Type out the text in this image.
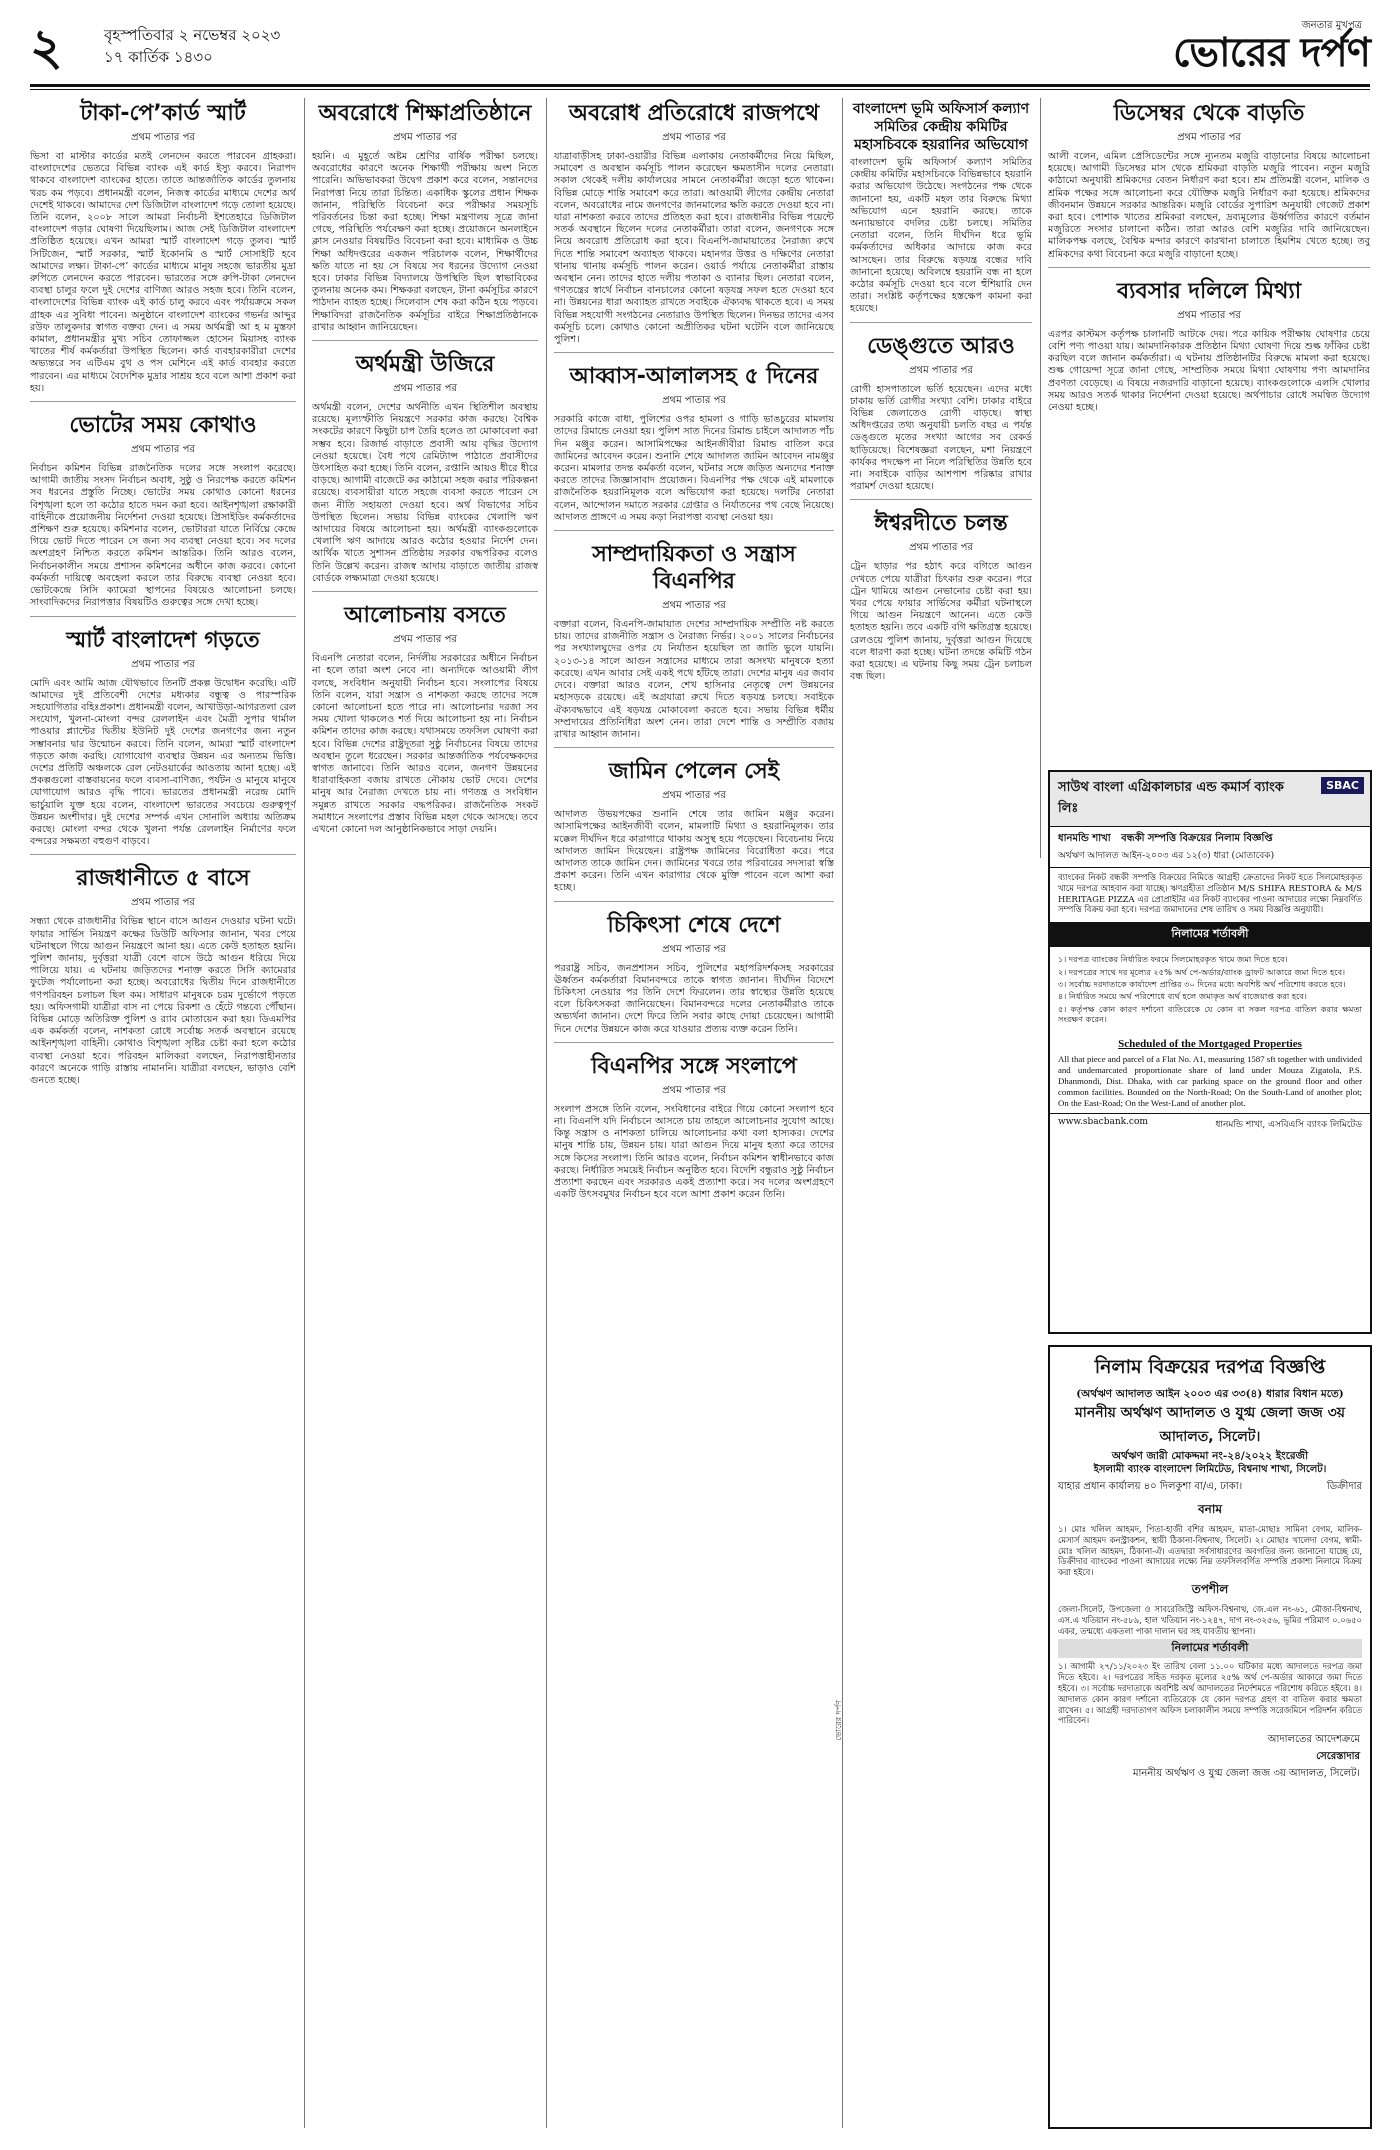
২	বৃহস্পতিবার ২ নভেম্বর ২০২৩
১৭ কার্তিক ১৪৩০
জনতার মুখপত্র
ভোরের দর্পণ
টাকা-পে’কার্ড স্মার্ট
প্রথম পাতার পর
ভিসা বা মাস্টার কার্ডের মতই লেনদেন করতে পারবেন গ্রাহকরা। বাংলাদেশের ভেতরে বিভিন্ন ব্যাংক এই কার্ড ইস্যু করবে। নিরাপদ থাকবে বাংলাদেশ ব্যাংকের হাতে। তাতে আন্তর্জাতিক কার্ডের তুলনায় খরচ কম পড়বে। প্রধানমন্ত্রী বলেন, নিজস্ব কার্ডের মাধ্যমে দেশের অর্থ দেশেই থাকবে। আমাদের দেশ ডিজিটাল বাংলাদেশ গড়ে তোলা হয়েছে। তিনি বলেন, ২০০৮ সালে আমরা নির্বাচনী ইশতেহারে ডিজিটাল বাংলাদেশ গড়ার ঘোষণা দিয়েছিলাম। আজ সেই ডিজিটাল বাংলাদেশ প্রতিষ্ঠিত হয়েছে। এখন আমরা স্মার্ট বাংলাদেশ গড়ে তুলব। স্মার্ট সিটিজেন, স্মার্ট সরকার, স্মার্ট ইকোনমি ও স্মার্ট সোসাইটি হবে আমাদের লক্ষ্য। টাকা-পে’ কার্ডের মাধ্যমে মানুষ সহজে ভারতীয় মুদ্রা রুপিতে লেনদেন করতে পারবেন। ভারতের সঙ্গে রুপি-টাকা লেনদেন ব্যবস্থা চালুর ফলে দুই দেশের বাণিজ্য আরও সহজ হবে। তিনি বলেন, বাংলাদেশের বিভিন্ন ব্যাংক এই কার্ড চালু করবে এবং পর্যায়ক্রমে সকল গ্রাহক এর সুবিধা পাবেন। অনুষ্ঠানে বাংলাদেশ ব্যাংকের গভর্নর আব্দুর রউফ তালুকদার স্বাগত বক্তব্য দেন। এ সময় অর্থমন্ত্রী আ হ ম মুস্তফা কামাল, প্রধানমন্ত্রীর মুখ্য সচিব তোফাজ্জল হোসেন মিয়াসহ ব্যাংক খাতের শীর্ষ কর্মকর্তারা উপস্থিত ছিলেন। কার্ড ব্যবহারকারীরা দেশের অভ্যন্তরে সব এটিএম বুথ ও পস মেশিনে এই কার্ড ব্যবহার করতে পারবেন। এর মাধ্যমে বৈদেশিক মুদ্রার সাশ্রয় হবে বলে আশা প্রকাশ করা হয়।
ভোটের সময় কোথাও
প্রথম পাতার পর
নির্বাচন কমিশন বিভিন্ন রাজনৈতিক দলের সঙ্গে সংলাপ করেছে। আগামী জাতীয় সংসদ নির্বাচন অবাধ, সুষ্ঠু ও নিরপেক্ষ করতে কমিশন সব ধরনের প্রস্তুতি নিচ্ছে। ভোটের সময় কোথাও কোনো ধরনের বিশৃঙ্খলা হলে তা কঠোর হাতে দমন করা হবে। আইনশৃঙ্খলা রক্ষাকারী বাহিনীকে প্রয়োজনীয় নির্দেশনা দেওয়া হয়েছে। প্রিসাইডিং কর্মকর্তাদের প্রশিক্ষণ শুরু হয়েছে। কমিশনার বলেন, ভোটাররা যাতে নির্বিঘ্নে কেন্দ্রে গিয়ে ভোট দিতে পারেন সে জন্য সব ব্যবস্থা নেওয়া হবে। সব দলের অংশগ্রহণ নিশ্চিত করতে কমিশন আন্তরিক। তিনি আরও বলেন, নির্বাচনকালীন সময়ে প্রশাসন কমিশনের অধীনে কাজ করবে। কোনো কর্মকর্তা দায়িত্বে অবহেলা করলে তার বিরুদ্ধে ব্যবস্থা নেওয়া হবে। ভোটকেন্দ্রে সিসি ক্যামেরা স্থাপনের বিষয়েও আলোচনা চলছে। সাংবাদিকদের নিরাপত্তার বিষয়টিও গুরুত্বের সঙ্গে দেখা হচ্ছে।
স্মার্ট বাংলাদেশ গড়তে
প্রথম পাতার পর
মোদি এবং আমি আজ যৌথভাবে তিনটি প্রকল্প উদ্বোধন করেছি। এটি আমাদের দুই প্রতিবেশী দেশের মধ্যকার বন্ধুত্ব ও পারস্পরিক সহযোগিতার বহিঃপ্রকাশ। প্রধানমন্ত্রী বলেন, আখাউড়া-আগরতলা রেল সংযোগ, খুলনা-মোংলা বন্দর রেললাইন এবং মৈত্রী সুপার থার্মাল পাওয়ার প্ল্যান্টের দ্বিতীয় ইউনিট দুই দেশের জনগণের জন্য নতুন সম্ভাবনার দ্বার উন্মোচন করবে। তিনি বলেন, আমরা স্মার্ট বাংলাদেশ গড়তে কাজ করছি। যোগাযোগ ব্যবস্থার উন্নয়ন এর অন্যতম ভিত্তি। দেশের প্রতিটি অঞ্চলকে রেল নেটওয়ার্কের আওতায় আনা হচ্ছে। এই প্রকল্পগুলো বাস্তবায়নের ফলে ব্যবসা-বাণিজ্য, পর্যটন ও মানুষে মানুষে যোগাযোগ আরও বৃদ্ধি পাবে। ভারতের প্রধানমন্ত্রী নরেন্দ্র মোদি ভার্চুয়ালি যুক্ত হয়ে বলেন, বাংলাদেশ ভারতের সবচেয়ে গুরুত্বপূর্ণ উন্নয়ন অংশীদার। দুই দেশের সম্পর্ক এখন সোনালি অধ্যায় অতিক্রম করছে। মোংলা বন্দর থেকে খুলনা পর্যন্ত রেললাইন নির্মাণের ফলে বন্দরের সক্ষমতা বহুগুণ বাড়বে।
রাজধানীতে ৫ বাসে
প্রথম পাতার পর
সন্ধ্যা থেকে রাজধানীর বিভিন্ন স্থানে বাসে আগুন দেওয়ার ঘটনা ঘটে। ফায়ার সার্ভিস নিয়ন্ত্রণ কক্ষের ডিউটি অফিসার জানান, খবর পেয়ে ঘটনাস্থলে গিয়ে আগুন নিয়ন্ত্রণে আনা হয়। এতে কেউ হতাহত হয়নি। পুলিশ জানায়, দুর্বৃত্তরা যাত্রী বেশে বাসে উঠে আগুন ধরিয়ে দিয়ে পালিয়ে যায়। এ ঘটনায় জড়িতদের শনাক্ত করতে সিসি ক্যামেরার ফুটেজ পর্যালোচনা করা হচ্ছে। অবরোধের দ্বিতীয় দিনে রাজধানীতে গণপরিবহন চলাচল ছিল কম। সাধারণ মানুষকে চরম দুর্ভোগে পড়তে হয়। অফিসগামী যাত্রীরা বাস না পেয়ে রিকশা ও হেঁটে গন্তব্যে পৌঁছান। বিভিন্ন মোড়ে অতিরিক্ত পুলিশ ও র‌্যাব মোতায়েন করা হয়। ডিএমপির এক কর্মকর্তা বলেন, নাশকতা রোধে সর্বোচ্চ সতর্ক অবস্থানে রয়েছে আইনশৃঙ্খলা বাহিনী। কোথাও বিশৃঙ্খলা সৃষ্টির চেষ্টা করা হলে কঠোর ব্যবস্থা নেওয়া হবে। পরিবহন মালিকরা বলছেন, নিরাপত্তাহীনতার কারণে অনেকে গাড়ি রাস্তায় নামাননি। যাত্রীরা বলছেন, ভাড়াও বেশি গুনতে হচ্ছে।
অবরোধে শিক্ষাপ্রতিষ্ঠানে
প্রথম পাতার পর
হয়নি। এ মুহূর্তে অষ্টম শ্রেণির বার্ষিক পরীক্ষা চলছে। অবরোধের কারণে অনেক শিক্ষার্থী পরীক্ষায় অংশ নিতে পারেনি। অভিভাবকরা উদ্বেগ প্রকাশ করে বলেন, সন্তানদের নিরাপত্তা নিয়ে তারা চিন্তিত। একাধিক স্কুলের প্রধান শিক্ষক জানান, পরিস্থিতি বিবেচনা করে পরীক্ষার সময়সূচি পরিবর্তনের চিন্তা করা হচ্ছে। শিক্ষা মন্ত্রণালয় সূত্রে জানা গেছে, পরিস্থিতি পর্যবেক্ষণ করা হচ্ছে। প্রয়োজনে অনলাইনে ক্লাস নেওয়ার বিষয়টিও বিবেচনা করা হবে। মাধ্যমিক ও উচ্চ শিক্ষা অধিদপ্তরের একজন পরিচালক বলেন, শিক্ষার্থীদের ক্ষতি যাতে না হয় সে বিষয়ে সব ধরনের উদ্যোগ নেওয়া হবে। ঢাকার বিভিন্ন বিদ্যালয়ে উপস্থিতি ছিল স্বাভাবিকের তুলনায় অনেক কম। শিক্ষকরা বলছেন, টানা কর্মসূচির কারণে পাঠদান ব্যাহত হচ্ছে। সিলেবাস শেষ করা কঠিন হয়ে পড়বে। শিক্ষাবিদরা রাজনৈতিক কর্মসূচির বাইরে শিক্ষাপ্রতিষ্ঠানকে রাখার আহ্বান জানিয়েছেন।
অর্থমন্ত্রী উজিরে
প্রথম পাতার পর
অর্থমন্ত্রী বলেন, দেশের অর্থনীতি এখন স্থিতিশীল অবস্থায় রয়েছে। মূল্যস্ফীতি নিয়ন্ত্রণে সরকার কাজ করছে। বৈশ্বিক সংকটের কারণে কিছুটা চাপ তৈরি হলেও তা মোকাবেলা করা সম্ভব হবে। রিজার্ভ বাড়াতে প্রবাসী আয় বৃদ্ধির উদ্যোগ নেওয়া হয়েছে। বৈধ পথে রেমিট্যান্স পাঠাতে প্রবাসীদের উৎসাহিত করা হচ্ছে। তিনি বলেন, রপ্তানি আয়ও ধীরে ধীরে বাড়ছে। আগামী বাজেটে কর কাঠামো সহজ করার পরিকল্পনা রয়েছে। ব্যবসায়ীরা যাতে সহজে ব্যবসা করতে পারেন সে জন্য নীতি সহায়তা দেওয়া হবে। অর্থ বিভাগের সচিব উপস্থিত ছিলেন। সভায় বিভিন্ন ব্যাংকের খেলাপি ঋণ আদায়ের বিষয়ে আলোচনা হয়। অর্থমন্ত্রী ব্যাংকগুলোকে খেলাপি ঋণ আদায়ে আরও কঠোর হওয়ার নির্দেশ দেন। আর্থিক খাতে সুশাসন প্রতিষ্ঠায় সরকার বদ্ধপরিকর বলেও তিনি উল্লেখ করেন। রাজস্ব আদায় বাড়াতে জাতীয় রাজস্ব বোর্ডকে লক্ষ্যমাত্রা দেওয়া হয়েছে।
আলোচনায় বসতে
প্রথম পাতার পর
বিএনপি নেতারা বলেন, নির্দলীয় সরকারের অধীনে নির্বাচন না হলে তারা অংশ নেবে না। অন্যদিকে আওয়ামী লীগ বলছে, সংবিধান অনুযায়ী নির্বাচন হবে। সংলাপের বিষয়ে তিনি বলেন, যারা সন্ত্রাস ও নাশকতা করছে তাদের সঙ্গে কোনো আলোচনা হতে পারে না। আলোচনার দরজা সব সময় খোলা থাকলেও শর্ত দিয়ে আলোচনা হয় না। নির্বাচন কমিশন তাদের কাজ করছে। যথাসময়ে তফসিল ঘোষণা করা হবে। বিভিন্ন দেশের রাষ্ট্রদূতরা সুষ্ঠু নির্বাচনের বিষয়ে তাদের অবস্থান তুলে ধরেছেন। সরকার আন্তর্জাতিক পর্যবেক্ষকদের স্বাগত জানাবে। তিনি আরও বলেন, জনগণ উন্নয়নের ধারাবাহিকতা বজায় রাখতে নৌকায় ভোট দেবে। দেশের মানুষ আর নৈরাজ্য দেখতে চায় না। গণতন্ত্র ও সংবিধান সমুন্নত রাখতে সরকার বদ্ধপরিকর। রাজনৈতিক সংকট সমাধানে সংলাপের প্রস্তাব বিভিন্ন মহল থেকে আসছে। তবে এখনো কোনো দল আনুষ্ঠানিকভাবে সাড়া দেয়নি।
অবরোধ প্রতিরোধে রাজপথে
প্রথম পাতার পর
যাত্রাবাড়ীসহ ঢাকা-ওয়ারীর বিভিন্ন এলাকায় নেতাকর্মীদের নিয়ে মিছিল, সমাবেশ ও অবস্থান কর্মসূচি পালন করেছেন ক্ষমতাসীন দলের নেতারা। সকাল থেকেই দলীয় কার্যালয়ের সামনে নেতাকর্মীরা জড়ো হতে থাকেন। বিভিন্ন মোড়ে শান্তি সমাবেশ করে তারা। আওয়ামী লীগের কেন্দ্রীয় নেতারা বলেন, অবরোধের নামে জনগণের জানমালের ক্ষতি করতে দেওয়া হবে না। যারা নাশকতা করবে তাদের প্রতিহত করা হবে। রাজধানীর বিভিন্ন পয়েন্টে সতর্ক অবস্থানে ছিলেন দলের নেতাকর্মীরা। তারা বলেন, জনগণকে সঙ্গে নিয়ে অবরোধ প্রতিরোধ করা হবে। বিএনপি-জামায়াতের নৈরাজ্য রুখে দিতে শান্তি সমাবেশ অব্যাহত থাকবে। মহানগর উত্তর ও দক্ষিণের নেতারা থানায় থানায় কর্মসূচি পালন করেন। ওয়ার্ড পর্যায়ে নেতাকর্মীরা রাস্তায় অবস্থান নেন। তাদের হাতে দলীয় পতাকা ও ব্যানার ছিল। নেতারা বলেন, গণতন্ত্রের স্বার্থে নির্বাচন বানচালের কোনো ষড়যন্ত্র সফল হতে দেওয়া হবে না। উন্নয়নের ধারা অব্যাহত রাখতে সবাইকে ঐক্যবদ্ধ থাকতে হবে। এ সময় বিভিন্ন সহযোগী সংগঠনের নেতারাও উপস্থিত ছিলেন। দিনভর তাদের এসব কর্মসূচি চলে। কোথাও কোনো অপ্রীতিকর ঘটনা ঘটেনি বলে জানিয়েছে পুলিশ।
আব্বাস-আলালসহ ৫ দিনের
প্রথম পাতার পর
সরকারি কাজে বাধা, পুলিশের ওপর হামলা ও গাড়ি ভাঙচুরের মামলায় তাদের রিমান্ডে নেওয়া হয়। পুলিশ সাত দিনের রিমান্ড চাইলে আদালত পাঁচ দিন মঞ্জুর করেন। আসামিপক্ষের আইনজীবীরা রিমান্ড বাতিল করে জামিনের আবেদন করেন। শুনানি শেষে আদালত জামিন আবেদন নামঞ্জুর করেন। মামলার তদন্ত কর্মকর্তা বলেন, ঘটনার সঙ্গে জড়িত অন্যদের শনাক্ত করতে তাদের জিজ্ঞাসাবাদ প্রয়োজন। বিএনপির পক্ষ থেকে এই মামলাকে রাজনৈতিক হয়রানিমূলক বলে অভিযোগ করা হয়েছে। দলটির নেতারা বলেন, আন্দোলন দমাতে সরকার গ্রেপ্তার ও নির্যাতনের পথ বেছে নিয়েছে। আদালত প্রাঙ্গণে এ সময় কড়া নিরাপত্তা ব্যবস্থা নেওয়া হয়।
সাম্প্রদায়িকতা ও সন্ত্রাস বিএনপির
প্রথম পাতার পর
বক্তারা বলেন, বিএনপি-জামায়াত দেশের সাম্প্রদায়িক সম্প্রীতি নষ্ট করতে চায়। তাদের রাজনীতি সন্ত্রাস ও নৈরাজ্য নির্ভর। ২০০১ সালের নির্বাচনের পর সংখ্যালঘুদের ওপর যে নির্যাতন হয়েছিল তা জাতি ভুলে যায়নি। ২০১৩-১৪ সালে আগুন সন্ত্রাসের মাধ্যমে তারা অসংখ্য মানুষকে হত্যা করেছে। এখন আবার সেই একই পথে হাঁটছে তারা। দেশের মানুষ এর জবাব দেবে। বক্তারা আরও বলেন, শেখ হাসিনার নেতৃত্বে দেশ উন্নয়নের মহাসড়কে রয়েছে। এই অগ্রযাত্রা রুখে দিতে ষড়যন্ত্র চলছে। সবাইকে ঐক্যবদ্ধভাবে এই ষড়যন্ত্র মোকাবেলা করতে হবে। সভায় বিভিন্ন ধর্মীয় সম্প্রদায়ের প্রতিনিধিরা অংশ নেন। তারা দেশে শান্তি ও সম্প্রীতি বজায় রাখার আহ্বান জানান।
জামিন পেলেন সেই
প্রথম পাতার পর
আদালত উভয়পক্ষের শুনানি শেষে তার জামিন মঞ্জুর করেন। আসামিপক্ষের আইনজীবী বলেন, মামলাটি মিথ্যা ও হয়রানিমূলক। তার মক্কেল দীর্ঘদিন ধরে কারাগারে থাকায় অসুস্থ হয়ে পড়েছেন। বিবেচনায় নিয়ে আদালত জামিন দিয়েছেন। রাষ্ট্রপক্ষ জামিনের বিরোধিতা করে। পরে আদালত তাকে জামিন দেন। জামিনের খবরে তার পরিবারের সদস্যরা স্বস্তি প্রকাশ করেন। তিনি এখন কারাগার থেকে মুক্তি পাবেন বলে আশা করা হচ্ছে।
চিকিৎসা শেষে দেশে
প্রথম পাতার পর
পররাষ্ট্র সচিব, জনপ্রশাসন সচিব, পুলিশের মহাপরিদর্শকসহ সরকারের ঊর্ধ্বতন কর্মকর্তারা বিমানবন্দরে তাকে স্বাগত জানান। দীর্ঘদিন বিদেশে চিকিৎসা নেওয়ার পর তিনি দেশে ফিরলেন। তার স্বাস্থ্যের উন্নতি হয়েছে বলে চিকিৎসকরা জানিয়েছেন। বিমানবন্দরে দলের নেতাকর্মীরাও তাকে অভ্যর্থনা জানান। দেশে ফিরে তিনি সবার কাছে দোয়া চেয়েছেন। আগামী দিনে দেশের উন্নয়নে কাজ করে যাওয়ার প্রত্যয় ব্যক্ত করেন তিনি।
বিএনপির সঙ্গে সংলাপে
প্রথম পাতার পর
সংলাপ প্রসঙ্গে তিনি বলেন, সংবিধানের বাইরে গিয়ে কোনো সংলাপ হবে না। বিএনপি যদি নির্বাচনে আসতে চায় তাহলে আলোচনার সুযোগ আছে। কিন্তু সন্ত্রাস ও নাশকতা চালিয়ে আলোচনার কথা বলা হাস্যকর। দেশের মানুষ শান্তি চায়, উন্নয়ন চায়। যারা আগুন দিয়ে মানুষ হত্যা করে তাদের সঙ্গে কিসের সংলাপ। তিনি আরও বলেন, নির্বাচন কমিশন স্বাধীনভাবে কাজ করছে। নির্ধারিত সময়েই নির্বাচন অনুষ্ঠিত হবে। বিদেশি বন্ধুরাও সুষ্ঠু নির্বাচন প্রত্যাশা করছেন এবং সরকারও একই প্রত্যাশা করে। সব দলের অংশগ্রহণে একটি উৎসবমুখর নির্বাচন হবে বলে আশা প্রকাশ করেন তিনি।
বাংলাদেশ ভূমি অফিসার্স কল্যাণ সমিতির কেন্দ্রীয় কমিটির মহাসচিবকে হয়রানির অভিযোগ
বাংলাদেশ ভূমি অফিসার্স কল্যাণ সমিতির কেন্দ্রীয় কমিটির মহাসচিবকে বিভিন্নভাবে হয়রানি করার অভিযোগ উঠেছে। সংগঠনের পক্ষ থেকে জানানো হয়, একটি মহল তার বিরুদ্ধে মিথ্যা অভিযোগ এনে হয়রানি করছে। তাকে অন্যায়ভাবে বদলির চেষ্টা চলছে। সমিতির নেতারা বলেন, তিনি দীর্ঘদিন ধরে ভূমি কর্মকর্তাদের অধিকার আদায়ে কাজ করে আসছেন। তার বিরুদ্ধে ষড়যন্ত্র বন্ধের দাবি জানানো হয়েছে। অবিলম্বে হয়রানি বন্ধ না হলে কঠোর কর্মসূচি দেওয়া হবে বলে হুঁশিয়ারি দেন তারা। সংশ্লিষ্ট কর্তৃপক্ষের হস্তক্ষেপ কামনা করা হয়েছে।
ডেঙ্গুতে আরও
প্রথম পাতার পর
রোগী হাসপাতালে ভর্তি হয়েছেন। এদের মধ্যে ঢাকায় ভর্তি রোগীর সংখ্যা বেশি। ঢাকার বাইরে বিভিন্ন জেলাতেও রোগী বাড়ছে। স্বাস্থ্য অধিদপ্তরের তথ্য অনুযায়ী চলতি বছর এ পর্যন্ত ডেঙ্গুতে মৃতের সংখ্যা আগের সব রেকর্ড ছাড়িয়েছে। বিশেষজ্ঞরা বলছেন, মশা নিয়ন্ত্রণে কার্যকর পদক্ষেপ না নিলে পরিস্থিতির উন্নতি হবে না। সবাইকে বাড়ির আশপাশ পরিষ্কার রাখার পরামর্শ দেওয়া হয়েছে।
ঈশ্বরদীতে চলন্ত
প্রথম পাতার পর
ট্রেন ছাড়ার পর হঠাৎ করে বগিতে আগুন দেখতে পেয়ে যাত্রীরা চিৎকার শুরু করেন। পরে ট্রেন থামিয়ে আগুন নেভানোর চেষ্টা করা হয়। খবর পেয়ে ফায়ার সার্ভিসের কর্মীরা ঘটনাস্থলে গিয়ে আগুন নিয়ন্ত্রণে আনেন। এতে কেউ হতাহত হয়নি। তবে একটি বগি ক্ষতিগ্রস্ত হয়েছে। রেলওয়ে পুলিশ জানায়, দুর্বৃত্তরা আগুন দিয়েছে বলে ধারণা করা হচ্ছে। ঘটনা তদন্তে কমিটি গঠন করা হয়েছে। এ ঘটনায় কিছু সময় ট্রেন চলাচল বন্ধ ছিল।
ডিসেম্বর থেকে বাড়তি
প্রথম পাতার পর
আলী বলেন, এমিল প্রেসিডেন্টের সঙ্গে ন্যূনতম মজুরি বাড়ানোর বিষয়ে আলোচনা হয়েছে। আগামী ডিসেম্বর মাস থেকে শ্রমিকরা বাড়তি মজুরি পাবেন। নতুন মজুরি কাঠামো অনুযায়ী শ্রমিকদের বেতন নির্ধারণ করা হবে। শ্রম প্রতিমন্ত্রী বলেন, মালিক ও শ্রমিক পক্ষের সঙ্গে আলোচনা করে যৌক্তিক মজুরি নির্ধারণ করা হয়েছে। শ্রমিকদের জীবনমান উন্নয়নে সরকার আন্তরিক। মজুরি বোর্ডের সুপারিশ অনুযায়ী গেজেট প্রকাশ করা হবে। পোশাক খাতের শ্রমিকরা বলছেন, দ্রব্যমূল্যের ঊর্ধ্বগতির কারণে বর্তমান মজুরিতে সংসার চালানো কঠিন। তারা আরও বেশি মজুরির দাবি জানিয়েছেন। মালিকপক্ষ বলছে, বৈশ্বিক মন্দার কারণে কারখানা চালাতে হিমশিম খেতে হচ্ছে। তবু শ্রমিকদের কথা বিবেচনা করে মজুরি বাড়ানো হচ্ছে।
ব্যবসার দলিলে মিথ্যা
প্রথম পাতার পর
এরপর কাস্টমস কর্তৃপক্ষ চালানটি আটকে দেয়। পরে কায়িক পরীক্ষায় ঘোষণার চেয়ে বেশি পণ্য পাওয়া যায়। আমদানিকারক প্রতিষ্ঠান মিথ্যা ঘোষণা দিয়ে শুল্ক ফাঁকির চেষ্টা করছিল বলে জানান কর্মকর্তারা। এ ঘটনায় প্রতিষ্ঠানটির বিরুদ্ধে মামলা করা হয়েছে। শুল্ক গোয়েন্দা সূত্রে জানা গেছে, সাম্প্রতিক সময়ে মিথ্যা ঘোষণায় পণ্য আমদানির প্রবণতা বেড়েছে। এ বিষয়ে নজরদারি বাড়ানো হয়েছে। ব্যাংকগুলোকে এলসি খোলার সময় আরও সতর্ক থাকার নির্দেশনা দেওয়া হয়েছে। অর্থপাচার রোধে সমন্বিত উদ্যোগ নেওয়া হচ্ছে।
সাউথ বাংলা এগ্রিকালচার এন্ড কমার্স ব্যাংক লিঃ
SBAC
ধানমন্ডি শাখা বন্ধকী সম্পত্তি বিক্রয়ের নিলাম বিজ্ঞপ্তি
অর্থঋণ আদালত আইন-২০০৩ এর ১২(৩) ধারা (মোতাবেক)
ব্যাংকের নিকট বন্ধকী সম্পত্তি বিক্রয়ের নিমিত্তে আগ্রহী ক্রেতাদের নিকট হতে সিলমোহরকৃত খামে দরপত্র আহবান করা যাচ্ছে। ঋণগ্রহীতা প্রতিষ্ঠান M/S SHIFA RESTORA & M/S HERITAGE PIZZA এর প্রোপ্রাইটর এর নিকট ব্যাংকের পাওনা আদায়ের লক্ষ্যে নিম্নবর্ণিত সম্পত্তি বিক্রয় করা হবে। দরপত্র জমাদানের শেষ তারিখ ও সময় বিজ্ঞপ্তি অনুযায়ী।
নিলামের শর্তাবলী
১। দরপত্র ব্যাংকের নির্ধারিত ফরমে সিলমোহরকৃত খামে জমা দিতে হবে।
২। দরপত্রের সাথে দর মূল্যের ২৫% অর্থ পে-অর্ডার/ব্যাংক ড্রাফট আকারে জমা দিতে হবে।
৩। সর্বোচ্চ দরদাতাকে কার্যাদেশ প্রাপ্তির ৩০ দিনের মধ্যে অবশিষ্ট অর্থ পরিশোধ করতে হবে।
৪। নির্ধারিত সময়ে অর্থ পরিশোধে ব্যর্থ হলে জমাকৃত অর্থ বাজেয়াপ্ত করা হবে।
৫। কর্তৃপক্ষ কোন কারণ দর্শানো ব্যতিরেকে যে কোন বা সকল দরপত্র বাতিল করার ক্ষমতা সংরক্ষণ করেন।
Scheduled of the Mortgaged Properties
All that piece and parcel of a Flat No. A1, measuring 1587 sft together with undivided and undemarcated proportionate share of land under Mouza Zigatola, P.S. Dhanmondi, Dist. Dhaka, with car parking space on the ground floor and other common facilities. Bounded on the North-Road; On the South-Land of another plot; On the East-Road; On the West-Land of another plot.
www.sbacbank.com	ধানমন্ডি শাখা, এসবিএসি ব্যাংক লিমিটেড
নিলাম বিক্রয়ের দরপত্র বিজ্ঞপ্তি
(অর্থঋণ আদালত আইন ২০০৩ এর ৩৩(৪) ধারার বিধান মতে)
মাননীয় অর্থঋণ আদালত ও যুগ্ম জেলা জজ ৩য় আদালত, সিলেট।
অর্থঋণ জারী মোকদ্দমা নং-২৪/২০২২ ইংরেজী
ইসলামী ব্যাংক বাংলাদেশ লিমিটেড, বিশ্বনাথ শাখা, সিলেট।
যাহার প্রধান কার্যালয় ৪০ দিলকুশা বা/এ, ঢাকা।	ডিক্রীদার
বনাম
১। মোঃ খলিল আহমদ, পিতা-হাজী বশির আহমদ, মাতা-মোছাঃ সামিনা বেগম, মালিক-মেসার্স আহমদ কনস্ট্রাকশন, স্থায়ী ঠিকানা-বিশ্বনাথ, সিলেট। ২। মোছাঃ খালেদা বেগম, স্বামী-মোঃ খলিল আহমদ, ঠিকানা-ঐ। এতদ্বারা সর্বসাধারণের অবগতির জন্য জানানো যাচ্ছে যে, ডিক্রীদার ব্যাংকের পাওনা আদায়ের লক্ষ্যে নিম্ন তফসিলবর্ণিত সম্পত্তি প্রকাশ্য নিলামে বিক্রয় করা হইবে।
তপশীল
জেলা-সিলেট, উপজেলা ও সাবরেজিস্ট্রি অফিস-বিশ্বনাথ, জে.এল নং-৬১, মৌজা-বিশ্বনাথ, এস.এ খতিয়ান নং-৫৮৯, হাল খতিয়ান নং-১২৪৭, দাগ নং-৩২৫৬, ভূমির পরিমাণ ০.০৬৫০ একর, তন্মধ্যে একতলা পাকা দালান ঘর সহ যাবতীয় স্থাপনা।
নিলামের শর্তাবলী
১। আগামী ২৭/১১/২০২৩ ইং তারিখ বেলা ১১.০০ ঘটিকার মধ্যে আদালতে দরপত্র জমা দিতে হইবে। ২। দরপত্রের সহিত দরকৃত মূল্যের ২৫% অর্থ পে-অর্ডার আকারে জমা দিতে হইবে। ৩। সর্বোচ্চ দরদাতাকে অবশিষ্ট অর্থ আদালতের নির্দেশমতে পরিশোধ করিতে হইবে। ৪। আদালত কোন কারণ দর্শানো ব্যতিরেকে যে কোন দরপত্র গ্রহণ বা বাতিল করার ক্ষমতা রাখেন। ৫। আগ্রহী দরদাতাগণ অফিস চলাকালীন সময়ে সম্পত্তি সরেজমিনে পরিদর্শন করিতে পারিবেন।
আদালতের আদেশক্রমে
সেরেস্তাদার
মাননীয় অর্থঋণ ও যুগ্ম জেলা জজ ৩য় আদালত, সিলেট।
ভোরের দর্পণ
